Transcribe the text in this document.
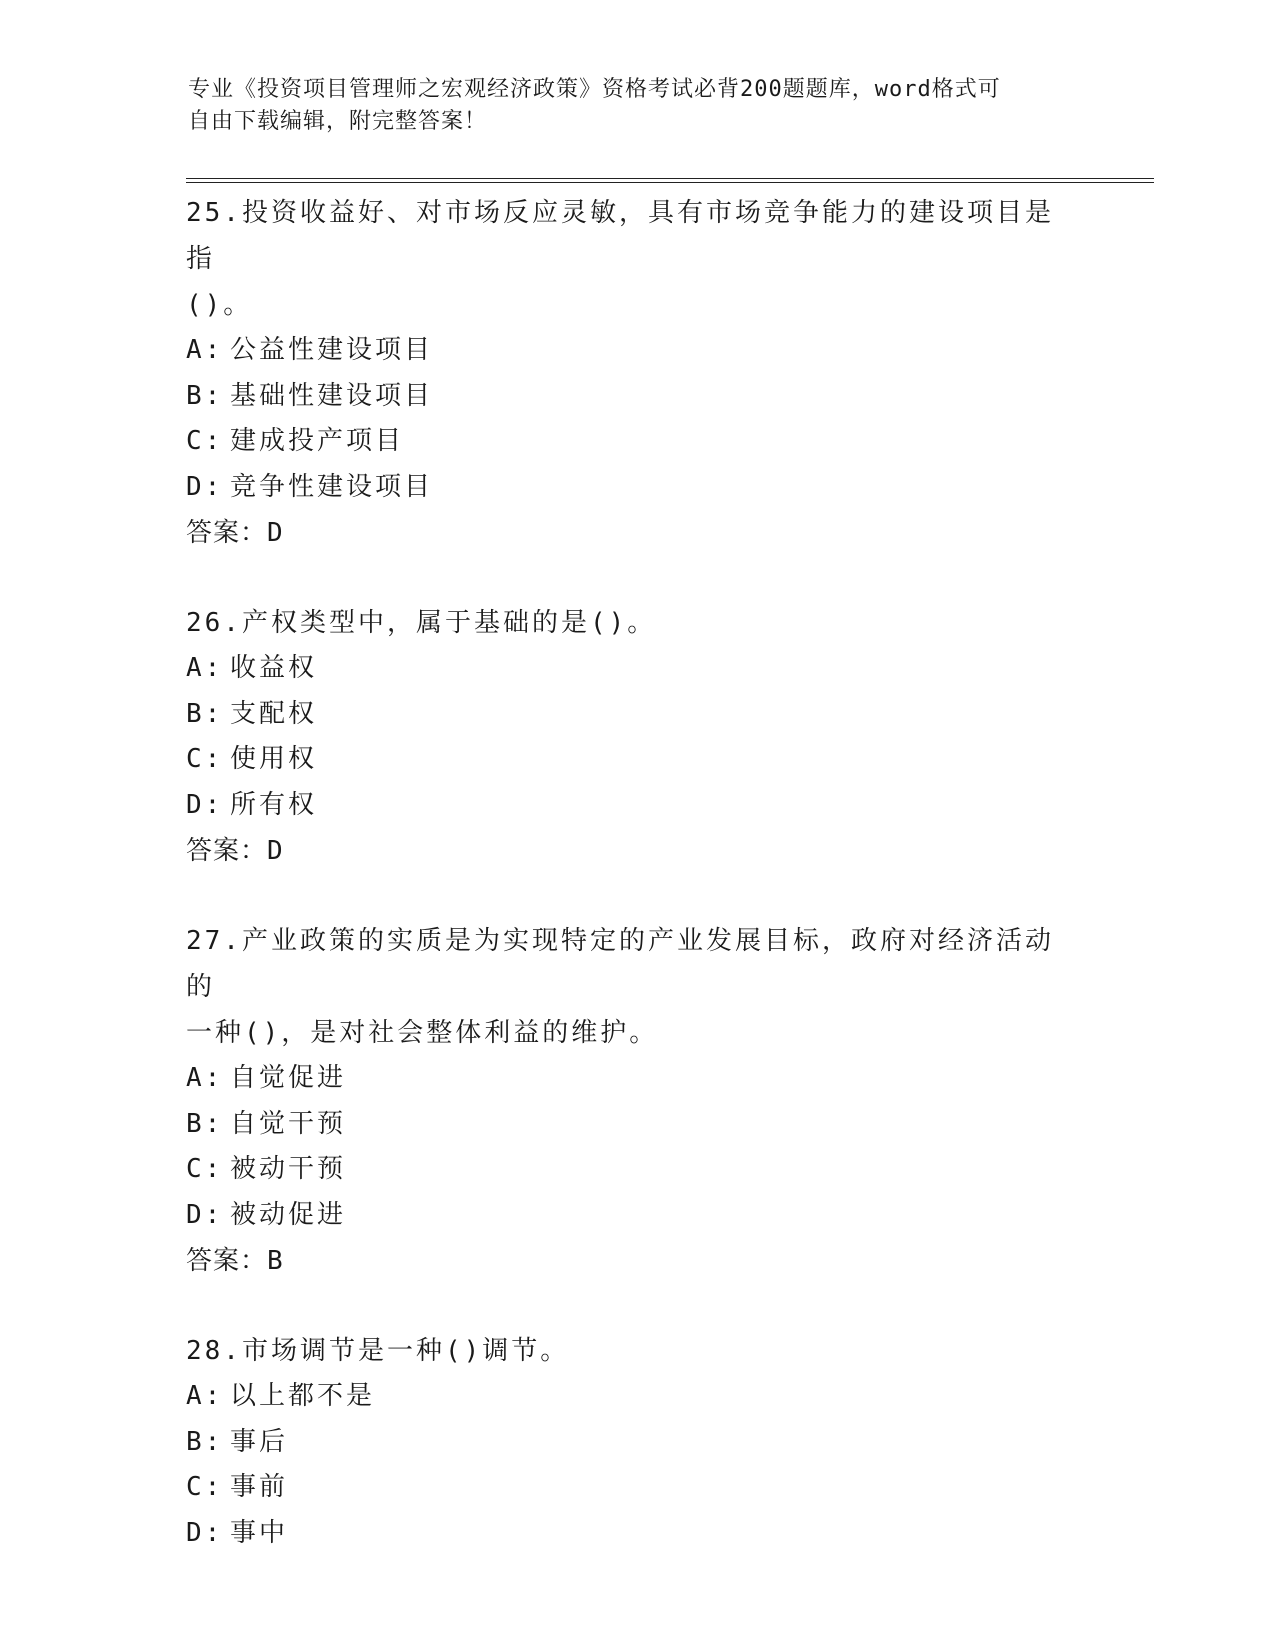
专业《投资项目管理师之宏观经济政策》资格考试必背200题题库，word格式可
自由下载编辑，附完整答案！
25.投资收益好、对市场反应灵敏，具有市场竞争能力的建设项目是指
()。
A: 公益性建设项目
B: 基础性建设项目
C: 建成投产项目
D: 竞争性建设项目
答案：D
26.产权类型中，属于基础的是()。
A: 收益权
B: 支配权
C: 使用权
D: 所有权
答案：D
27.产业政策的实质是为实现特定的产业发展目标，政府对经济活动的
一种()，是对社会整体利益的维护。
A: 自觉促进
B: 自觉干预
C: 被动干预
D: 被动促进
答案：B
28.市场调节是一种()调节。
A: 以上都不是
B: 事后
C: 事前
D: 事中
